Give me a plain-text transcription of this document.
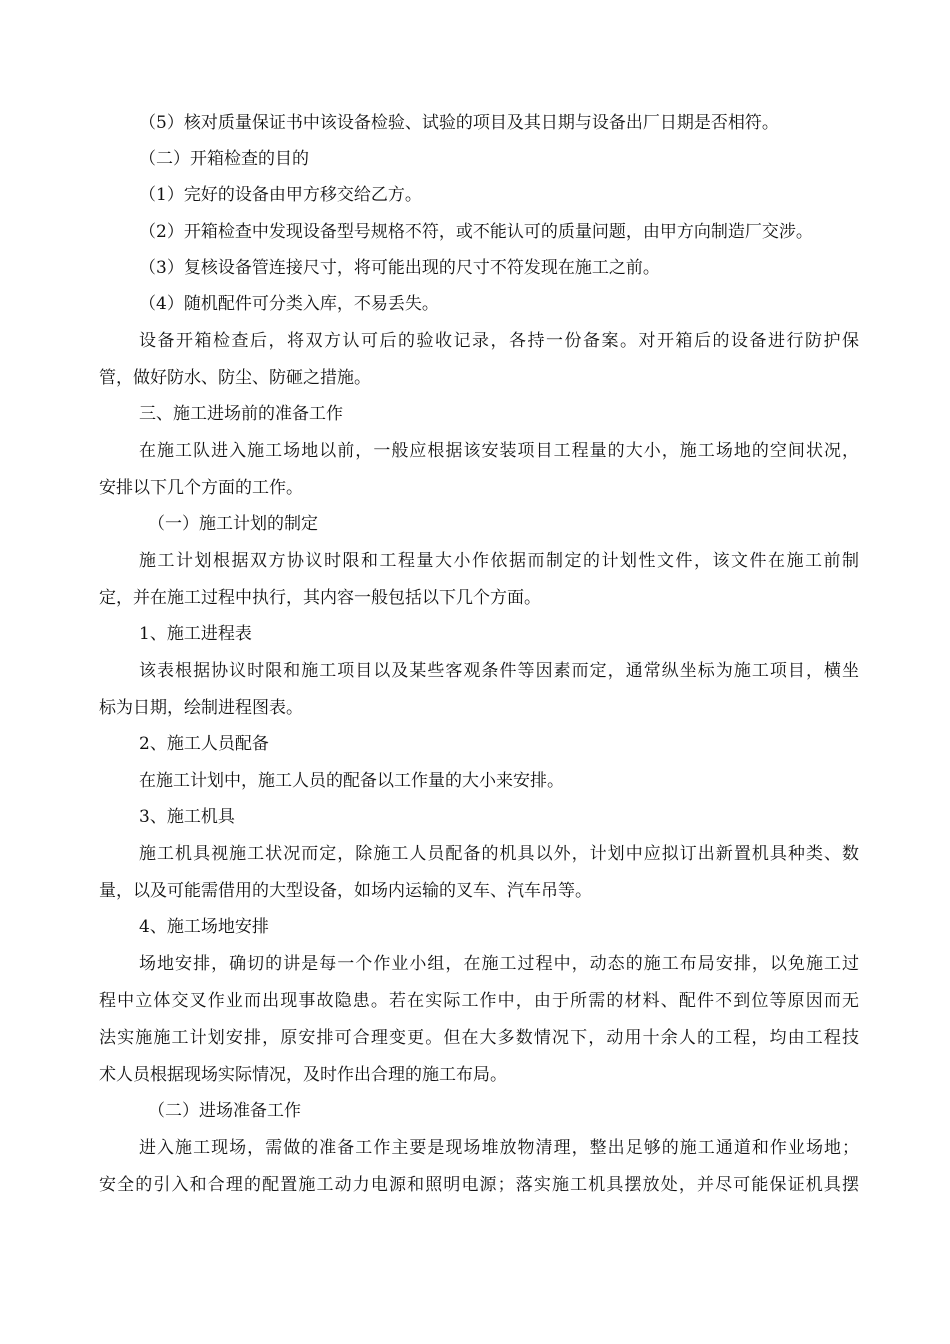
（5）核对质量保证书中该设备检验、试验的项目及其日期与设备出厂日期是否相符。
（二）开箱检查的目的
（1）完好的设备由甲方移交给乙方。
（2）开箱检查中发现设备型号规格不符，或不能认可的质量问题，由甲方向制造厂交涉。
（3）复核设备管连接尺寸，将可能出现的尺寸不符发现在施工之前。
（4）随机配件可分类入库，不易丢失。
设备开箱检查后，将双方认可后的验收记录，各持一份备案。对开箱后的设备进行防护保
管，做好防水、防尘、防砸之措施。
三、施工进场前的准备工作
在施工队进入施工场地以前，一般应根据该安装项目工程量的大小，施工场地的空间状况，
安排以下几个方面的工作。
（一）施工计划的制定
施工计划根据双方协议时限和工程量大小作依据而制定的计划性文件，该文件在施工前制
定，并在施工过程中执行，其内容一般包括以下几个方面。
1、施工进程表
该表根据协议时限和施工项目以及某些客观条件等因素而定，通常纵坐标为施工项目，横坐
标为日期，绘制进程图表。
2、施工人员配备
在施工计划中，施工人员的配备以工作量的大小来安排。
3、施工机具
施工机具视施工状况而定，除施工人员配备的机具以外，计划中应拟订出新置机具种类、数
量，以及可能需借用的大型设备，如场内运输的叉车、汽车吊等。
4、施工场地安排
场地安排，确切的讲是每一个作业小组，在施工过程中，动态的施工布局安排，以免施工过
程中立体交叉作业而出现事故隐患。若在实际工作中，由于所需的材料、配件不到位等原因而无
法实施施工计划安排，原安排可合理变更。但在大多数情况下，动用十余人的工程，均由工程技
术人员根据现场实际情况，及时作出合理的施工布局。
（二）进场准备工作
进入施工现场，需做的准备工作主要是现场堆放物清理，整出足够的施工通道和作业场地；
安全的引入和合理的配置施工动力电源和照明电源；落实施工机具摆放处，并尽可能保证机具摆
